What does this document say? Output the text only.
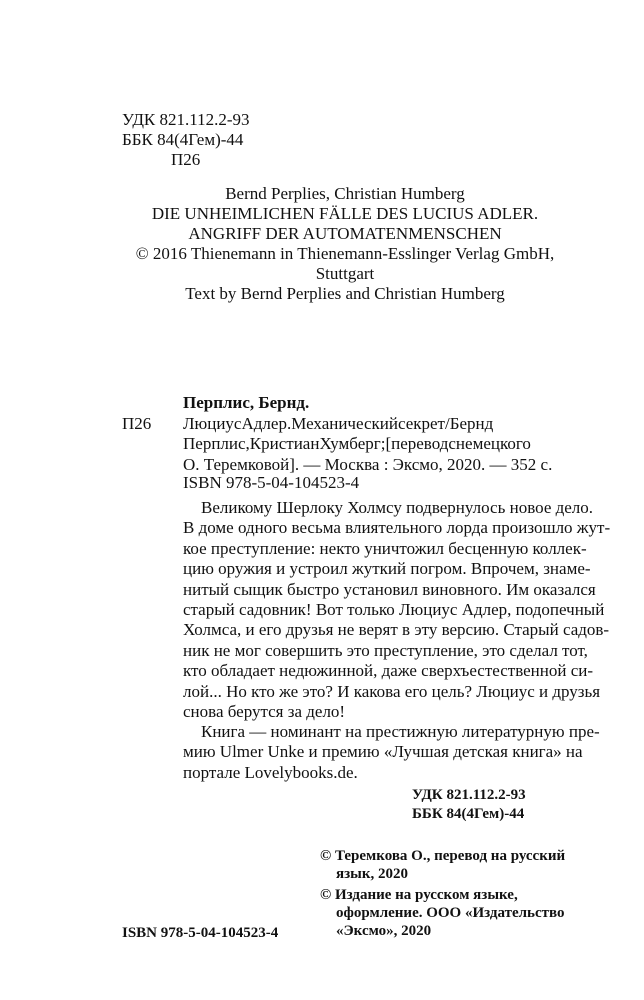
УДК 821.112.2-93
ББК 84(4Гем)-44
П26
Bernd Perplies, Christian Humberg
DIE UNHEIMLICHEN FÄLLE DES LUCIUS ADLER.
ANGRIFF DER AUTOMATENMENSCHEN
© 2016 Thienemann in Thienemann-Esslinger Verlag GmbH,
Stuttgart
Text by Bernd Perplies and Christian Humberg
Перплис, Бернд.
П26 ЛюциусАдлер.Механическийсекрет/Бернд
Перплис,КристианХумберг;[переводснемецкого
О. Теремковой]. — Москва : Эксмо, 2020. — 352 с.
ISBN 978-5-04-104523-4
Великому Шерлоку Холмсу подвернулось новое дело.
В доме одного весьма влиятельного лорда произошло жут-
кое преступление: некто уничтожил бесценную коллек-
цию оружия и устроил жуткий погром. Впрочем, знаме-
нитый сыщик быстро установил виновного. Им оказался
старый садовник! Вот только Люциус Адлер, подопечный
Холмса, и его друзья не верят в эту версию. Старый садов-
ник не мог совершить это преступление, это сделал тот,
кто обладает недюжинной, даже сверхъестественной си-
лой... Но кто же это? И какова его цель? Люциус и друзья
снова берутся за дело!
Книга — номинант на престижную литературную пре-
мию Ulmer Unke и премию «Лучшая детская книга» на
портале Lovelybooks.de.
УДК 821.112.2-93
ББК 84(4Гем)-44
© Теремкова О., перевод на русский
язык, 2020
© Издание на русском языке,
оформление. ООО «Издательство
«Эксмо», 2020
ISBN 978-5-04-104523-4
